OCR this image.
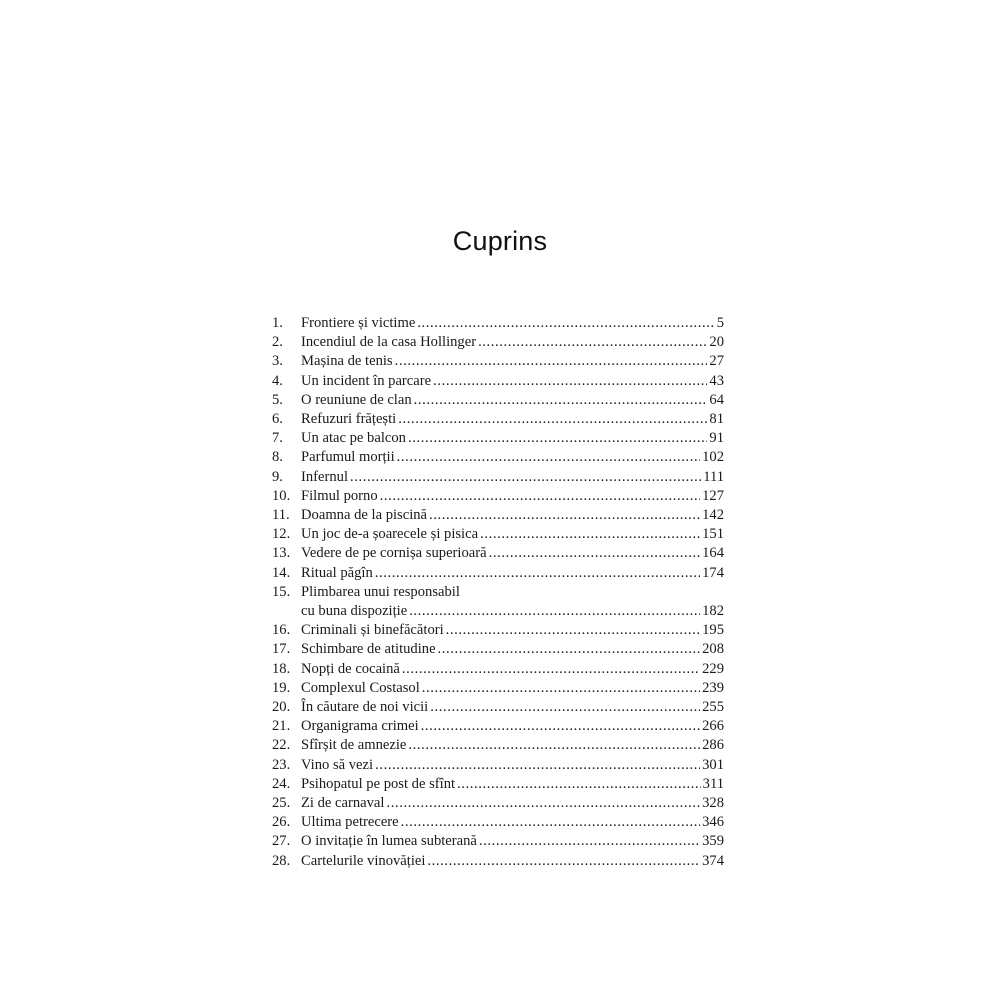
Cuprins
1.	Frontiere și victime .....	5
2.	Incendiul de la casa Hollinger .....	20
3.	Mașina de tenis .....	27
4.	Un incident în parcare .....	43
5.	O reuniune de clan .....	64
6.	Refuzuri frățești .....	81
7.	Un atac pe balcon .....	91
8.	Parfumul morții .....	102
9.	Infernul .....	111
10. Filmul porno .....	127
11. Doamna de la piscină .....	142
12. Un joc de-a șoarecele și pisica .....	151
13. Vedere de pe cornișa superioară .....	164
14. Ritual păgîn .....	174
15. Plimbarea unui responsabil
cu buna dispoziție .....	182
16. Criminali și binefăcători .....	195
17. Schimbare de atitudine .....	208
18. Nopți de cocaină .....	229
19. Complexul Costasol .....	239
20. În căutare de noi vicii .....	255
21. Organigrama crimei .....	266
22. Sfîrșit de amnezie .....	286
23. Vino să vezi .....	301
24. Psihopatul pe post de sfînt .....	311
25. Zi de carnaval .....	328
26. Ultima petrecere .....	346
27. O invitație în lumea subterană .....	359
28. Cartelurile vinovăției .....	374
